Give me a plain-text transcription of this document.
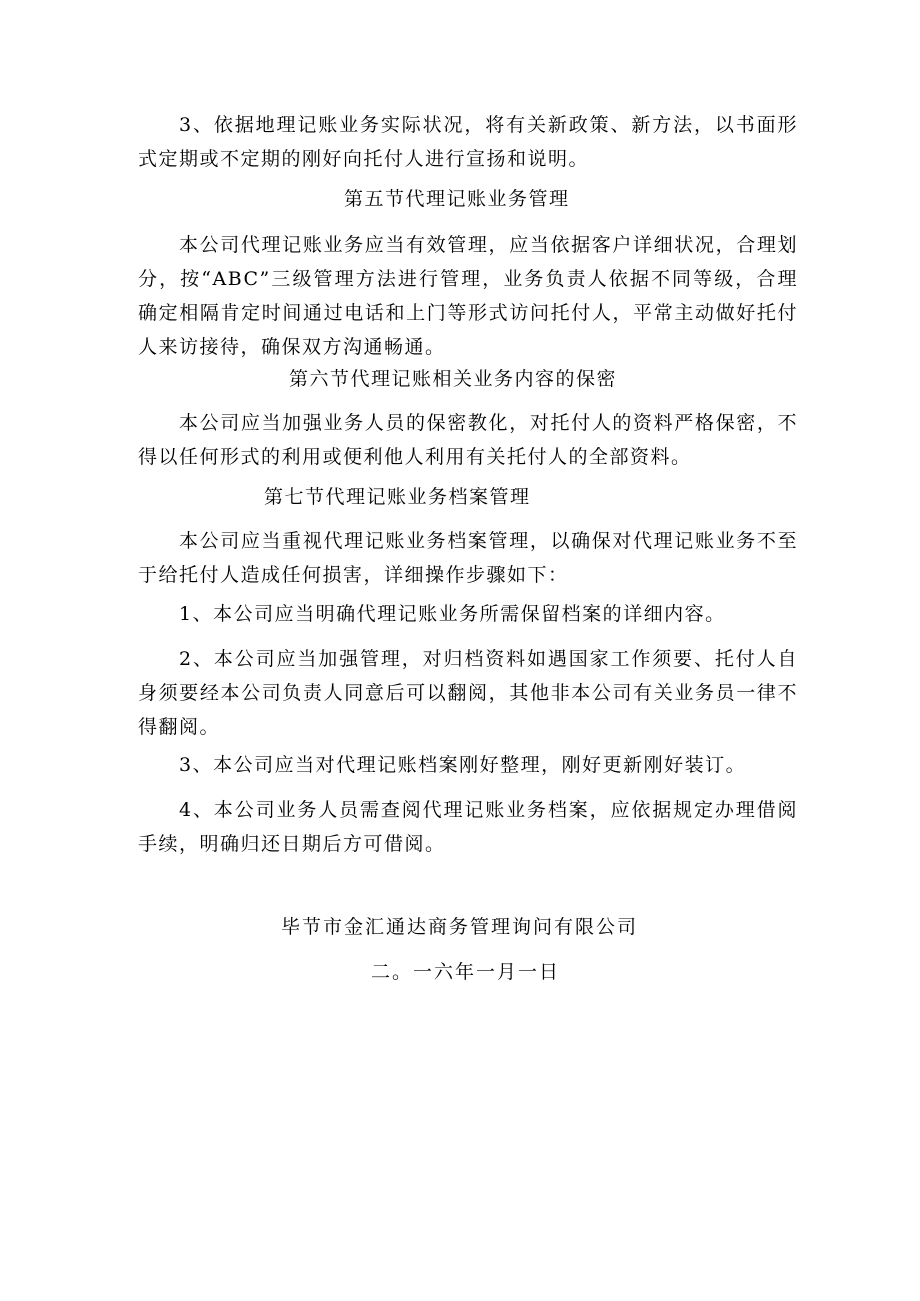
3、依据地理记账业务实际状况，将有关新政策、新方法，以书面形式定期或不定期的刚好向托付人进行宣扬和说明。

第五节代理记账业务管理

本公司代理记账业务应当有效管理，应当依据客户详细状况，合理划分，按“ABC”三级管理方法进行管理，业务负责人依据不同等级，合理确定相隔肯定时间通过电话和上门等形式访问托付人，平常主动做好托付人来访接待，确保双方沟通畅通。

第六节代理记账相关业务内容的保密

本公司应当加强业务人员的保密教化，对托付人的资料严格保密，不得以任何形式的利用或便利他人利用有关托付人的全部资料。

第七节代理记账业务档案管理

本公司应当重视代理记账业务档案管理，以确保对代理记账业务不至于给托付人造成任何损害，详细操作步骤如下：

1、本公司应当明确代理记账业务所需保留档案的详细内容。

2、本公司应当加强管理，对归档资料如遇国家工作须要、托付人自身须要经本公司负责人同意后可以翻阅，其他非本公司有关业务员一律不得翻阅。

3、本公司应当对代理记账档案刚好整理，刚好更新刚好装订。

4、本公司业务人员需查阅代理记账业务档案，应依据规定办理借阅手续，明确归还日期后方可借阅。

毕节市金汇通达商务管理询问有限公司

二。一六年一月一日
